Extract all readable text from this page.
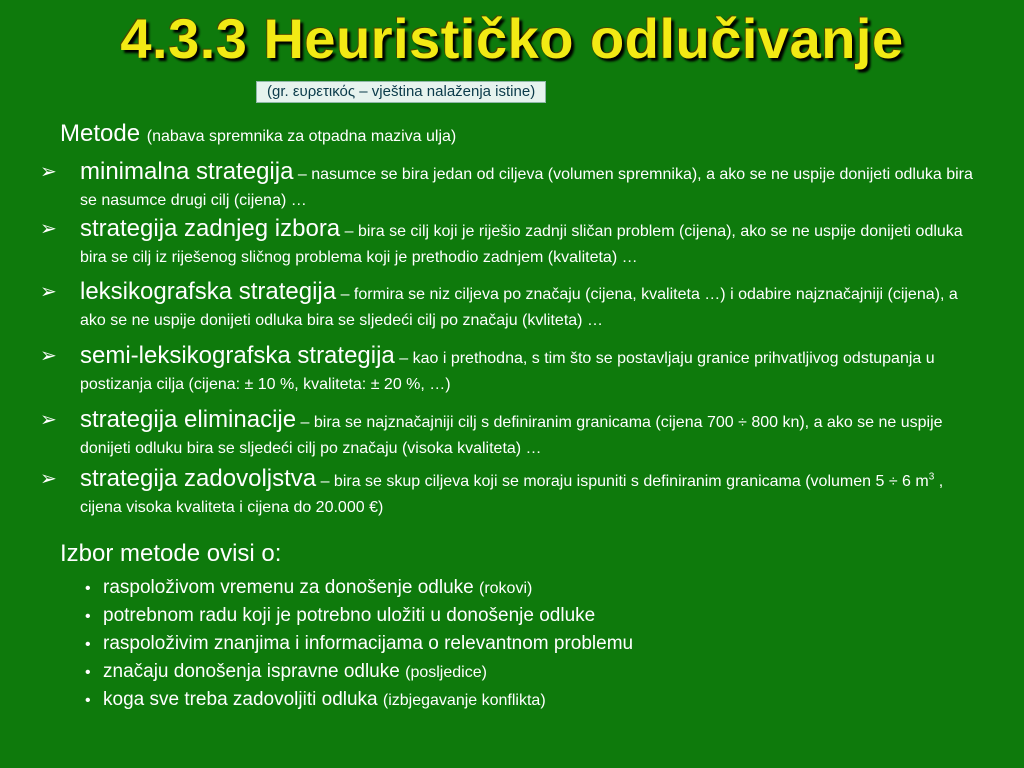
4.3.3 Heurističko odlučivanje
(gr. ευρετικός – vještina nalaženja istine)
Metode (nabava spremnika za otpadna maziva ulja)
➢ minimalna strategija – nasumce se bira jedan od ciljeva (volumen spremnika), a ako se ne uspije donijeti odluka bira se nasumce drugi cilj (cijena) …
➢ strategija zadnjeg izbora – bira se cilj koji je riješio zadnji sličan problem (cijena), ako se ne uspije donijeti odluka bira se cilj iz riješenog sličnog problema koji je prethodio zadnjem (kvaliteta) …
➢ leksikografska strategija – formira se niz ciljeva po značaju (cijena, kvaliteta …) i odabire najznačajniji (cijena), a ako se ne uspije donijeti odluka bira se sljedeći cilj po značaju (kvliteta) …
➢ semi-leksikografska strategija – kao i prethodna, s tim što se postavljaju granice prihvatljivog odstupanja u postizanja cilja (cijena: ± 10 %, kvaliteta: ± 20 %, …)
➢ strategija eliminacije – bira se najznačajniji cilj s definiranim granicama (cijena 700 ÷ 800 kn), a ako se ne uspije donijeti odluku bira se sljedeći cilj po značaju (visoka kvaliteta) …
➢ strategija zadovoljstva – bira se skup ciljeva koji se moraju ispuniti s definiranim granicama (volumen 5 ÷ 6 $m^3$ , cijena visoka kvaliteta i cijena do 20.000 €)
Izbor metode ovisi o:
• raspoloživom vremenu za donošenje odluke (rokovi)
• potrebnom radu koji je potrebno uložiti u donošenje odluke
• raspoloživim znanjima i informacijama o relevantnom problemu
• značaju donošenja ispravne odluke (posljedice)
• koga sve treba zadovoljiti odluka (izbjegavanje konflikta)
